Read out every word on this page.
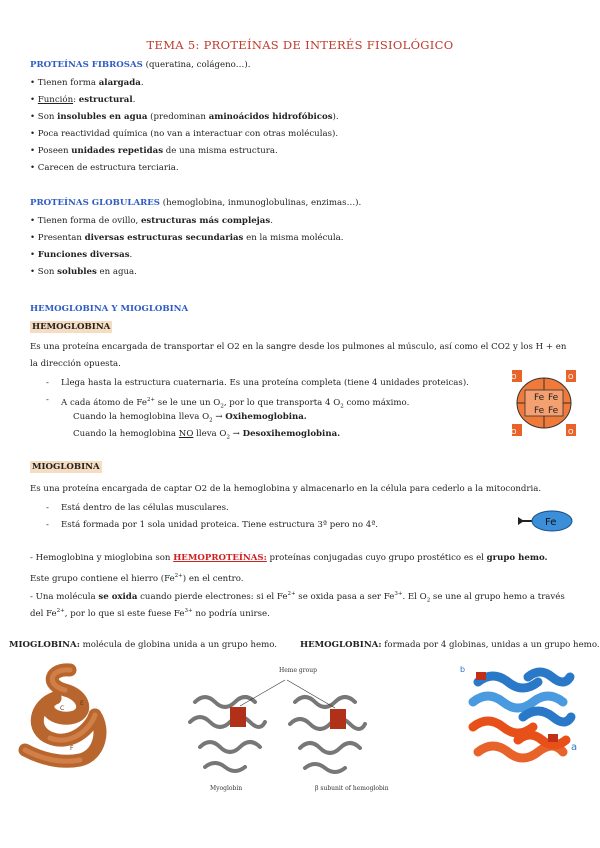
TEMA 5: PROTEÍNAS DE INTERÉS FISIOLÓGICO
PROTEÍNAS FIBROSAS (queratina, colágeno…).
• Tienen forma alargada.
• Función: estructural.
• Son insolubles en agua (predominan aminoácidos hidrofóbicos).
• Poca reactividad química (no van a interactuar con otras moléculas).
• Poseen unidades repetidas de una misma estructura.
• Carecen de estructura terciaria.
PROTEÍNAS GLOBULARES (hemoglobina, inmunoglobulinas, enzimas…).
• Tienen forma de ovillo, estructuras más complejas.
• Presentan diversas estructuras secundarias en la misma molécula.
• Funciones diversas.
• Son solubles en agua.
HEMOGLOBINA Y MIOGLOBINA
HEMOGLOBINA
Es una proteína encargada de transportar el O2 en la sangre desde los pulmones al músculo, así como el CO2 y los H + en
la dirección opuesta.
- Llega hasta la estructura cuaternaria. Es una proteína completa (tiene 4 unidades proteicas).
- A cada átomo de $Fe^{2+}$ se le une un $O_2$, por lo que transporta 4 $O_2$ como máximo.
Cuando la hemoglobina lleva $O_2$ → Oxihemoglobina.
Cuando la hemoglobina NO lleva $O_2$ → Desoxihemoglobina.
Fe Fe
Fe Fe
O	O
O	O
MIOGLOBINA
Es una proteína encargada de captar O2 de la hemoglobina y almacenarlo en la célula para cederlo a la mitocondria.
- Está dentro de las células musculares.
- Está formada por 1 sola unidad proteica. Tiene estructura 3ª pero no 4ª.	Fe
- Hemoglobina y mioglobina son HEMOPROTEÍNAS: proteínas conjugadas cuyo grupo prostético es el grupo hemo.
Este grupo contiene el hierro $(Fe^{2+})$ en el centro.
- Una molécula se oxida cuando pierde electrones: si el $Fe^{2+}$ se oxida pasa a ser $Fe^{3+}$. El $O_2$ se une al grupo hemo a través
del $Fe^{2+}$, por lo que si este fuese $Fe^{3+}$ no podría unirse.
MIOGLOBINA: molécula de globina unida a un grupo hemo.	HEMOGLOBINA: formada por 4 globinas, unidas a un grupo hemo.
C
E
F
Heme group
Myoglobin	β subunit of hemoglobin
a
b
